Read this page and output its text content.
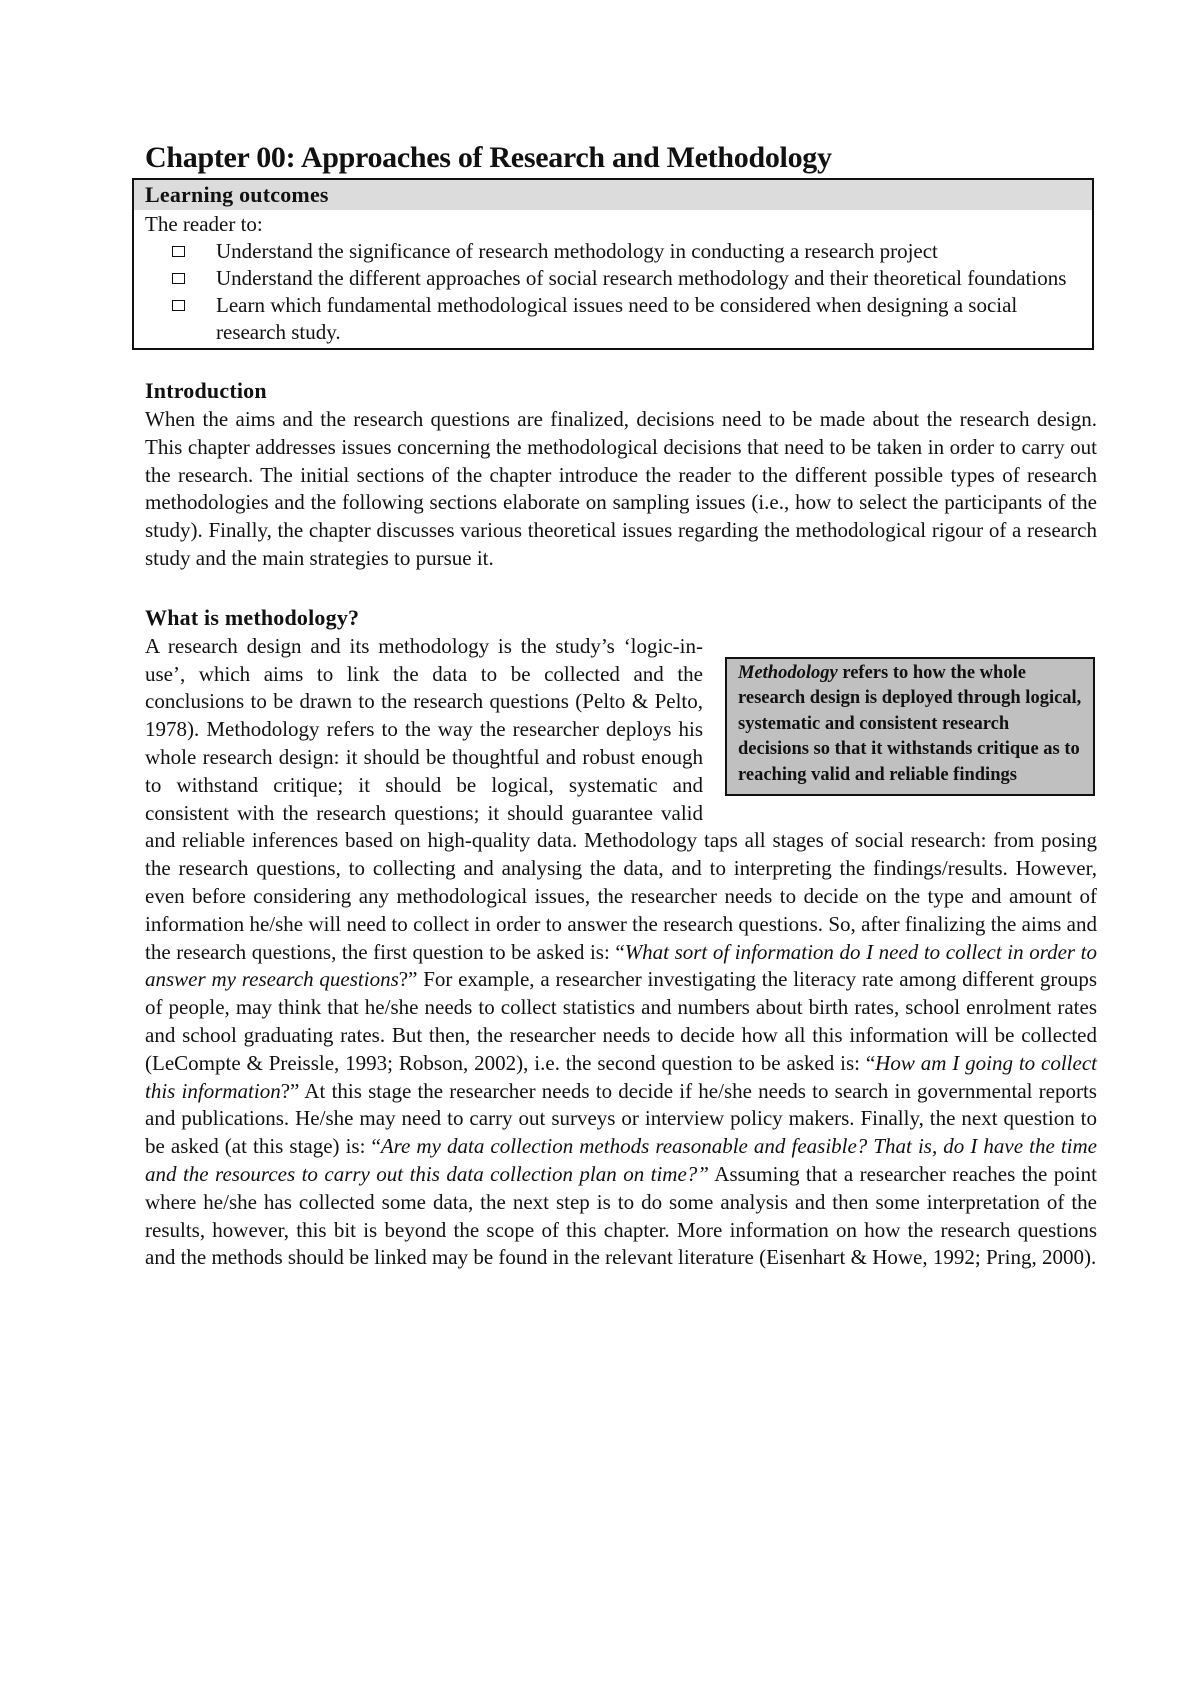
Chapter 00: Approaches of Research and Methodology
Learning outcomes
The reader to:
Understand the significance of research methodology in conducting a research project
Understand the different approaches of social research methodology and their theoretical foundations
Learn which fundamental methodological issues need to be considered when designing a social research study.
Introduction

When the aims and the research questions are finalized, decisions need to be made about the research design. This chapter addresses issues concerning the methodological decisions that need to be taken in order to carry out the research. The initial sections of the chapter introduce the reader to the different possible types of research methodologies and the following sections elaborate on sampling issues (i.e., how to select the participants of the study). Finally, the chapter discusses various theoretical issues regarding the methodological rigour of a research study and the main strategies to pursue it.

What is methodology?
Methodology refers to how the whole research design is deployed through logical, systematic and consistent research decisions so that it withstands critique as to reaching valid and reliable findings

A research design and its methodology is the study’s ‘logic-in-use’, which aims to link the data to be collected and the conclusions to be drawn to the research questions (Pelto & Pelto, 1978). Methodology refers to the way the researcher deploys his whole research design: it should be thoughtful and robust enough to withstand critique; it should be logical, systematic and consistent with the research questions; it should guarantee valid and reliable inferences based on high-quality data. Methodology taps all stages of social research: from posing the research questions, to collecting and analysing the data, and to interpreting the findings/results. However, even before considering any methodological issues, the researcher needs to decide on the type and amount of information he/she will need to collect in order to answer the research questions. So, after finalizing the aims and the research questions, the first question to be asked is: “What sort of information do I need to collect in order to answer my research questions?” For example, a researcher investigating the literacy rate among different groups of people, may think that he/she needs to collect statistics and numbers about birth rates, school enrolment rates and school graduating rates. But then, the researcher needs to decide how all this information will be collected (LeCompte & Preissle, 1993; Robson, 2002), i.e. the second question to be asked is: “How am I going to collect this information?” At this stage the researcher needs to decide if he/she needs to search in governmental reports and publications. He/she may need to carry out surveys or interview policy makers. Finally, the next question to be asked (at this stage) is: “Are my data collection methods reasonable and feasible? That is, do I have the time and the resources to carry out this data collection plan on time?” Assuming that a researcher reaches the point where he/she has collected some data, the next step is to do some analysis and then some interpretation of the results, however, this bit is beyond the scope of this chapter. More information on how the research questions and the methods should be linked may be found in the relevant literature (Eisenhart & Howe, 1992; Pring, 2000).
